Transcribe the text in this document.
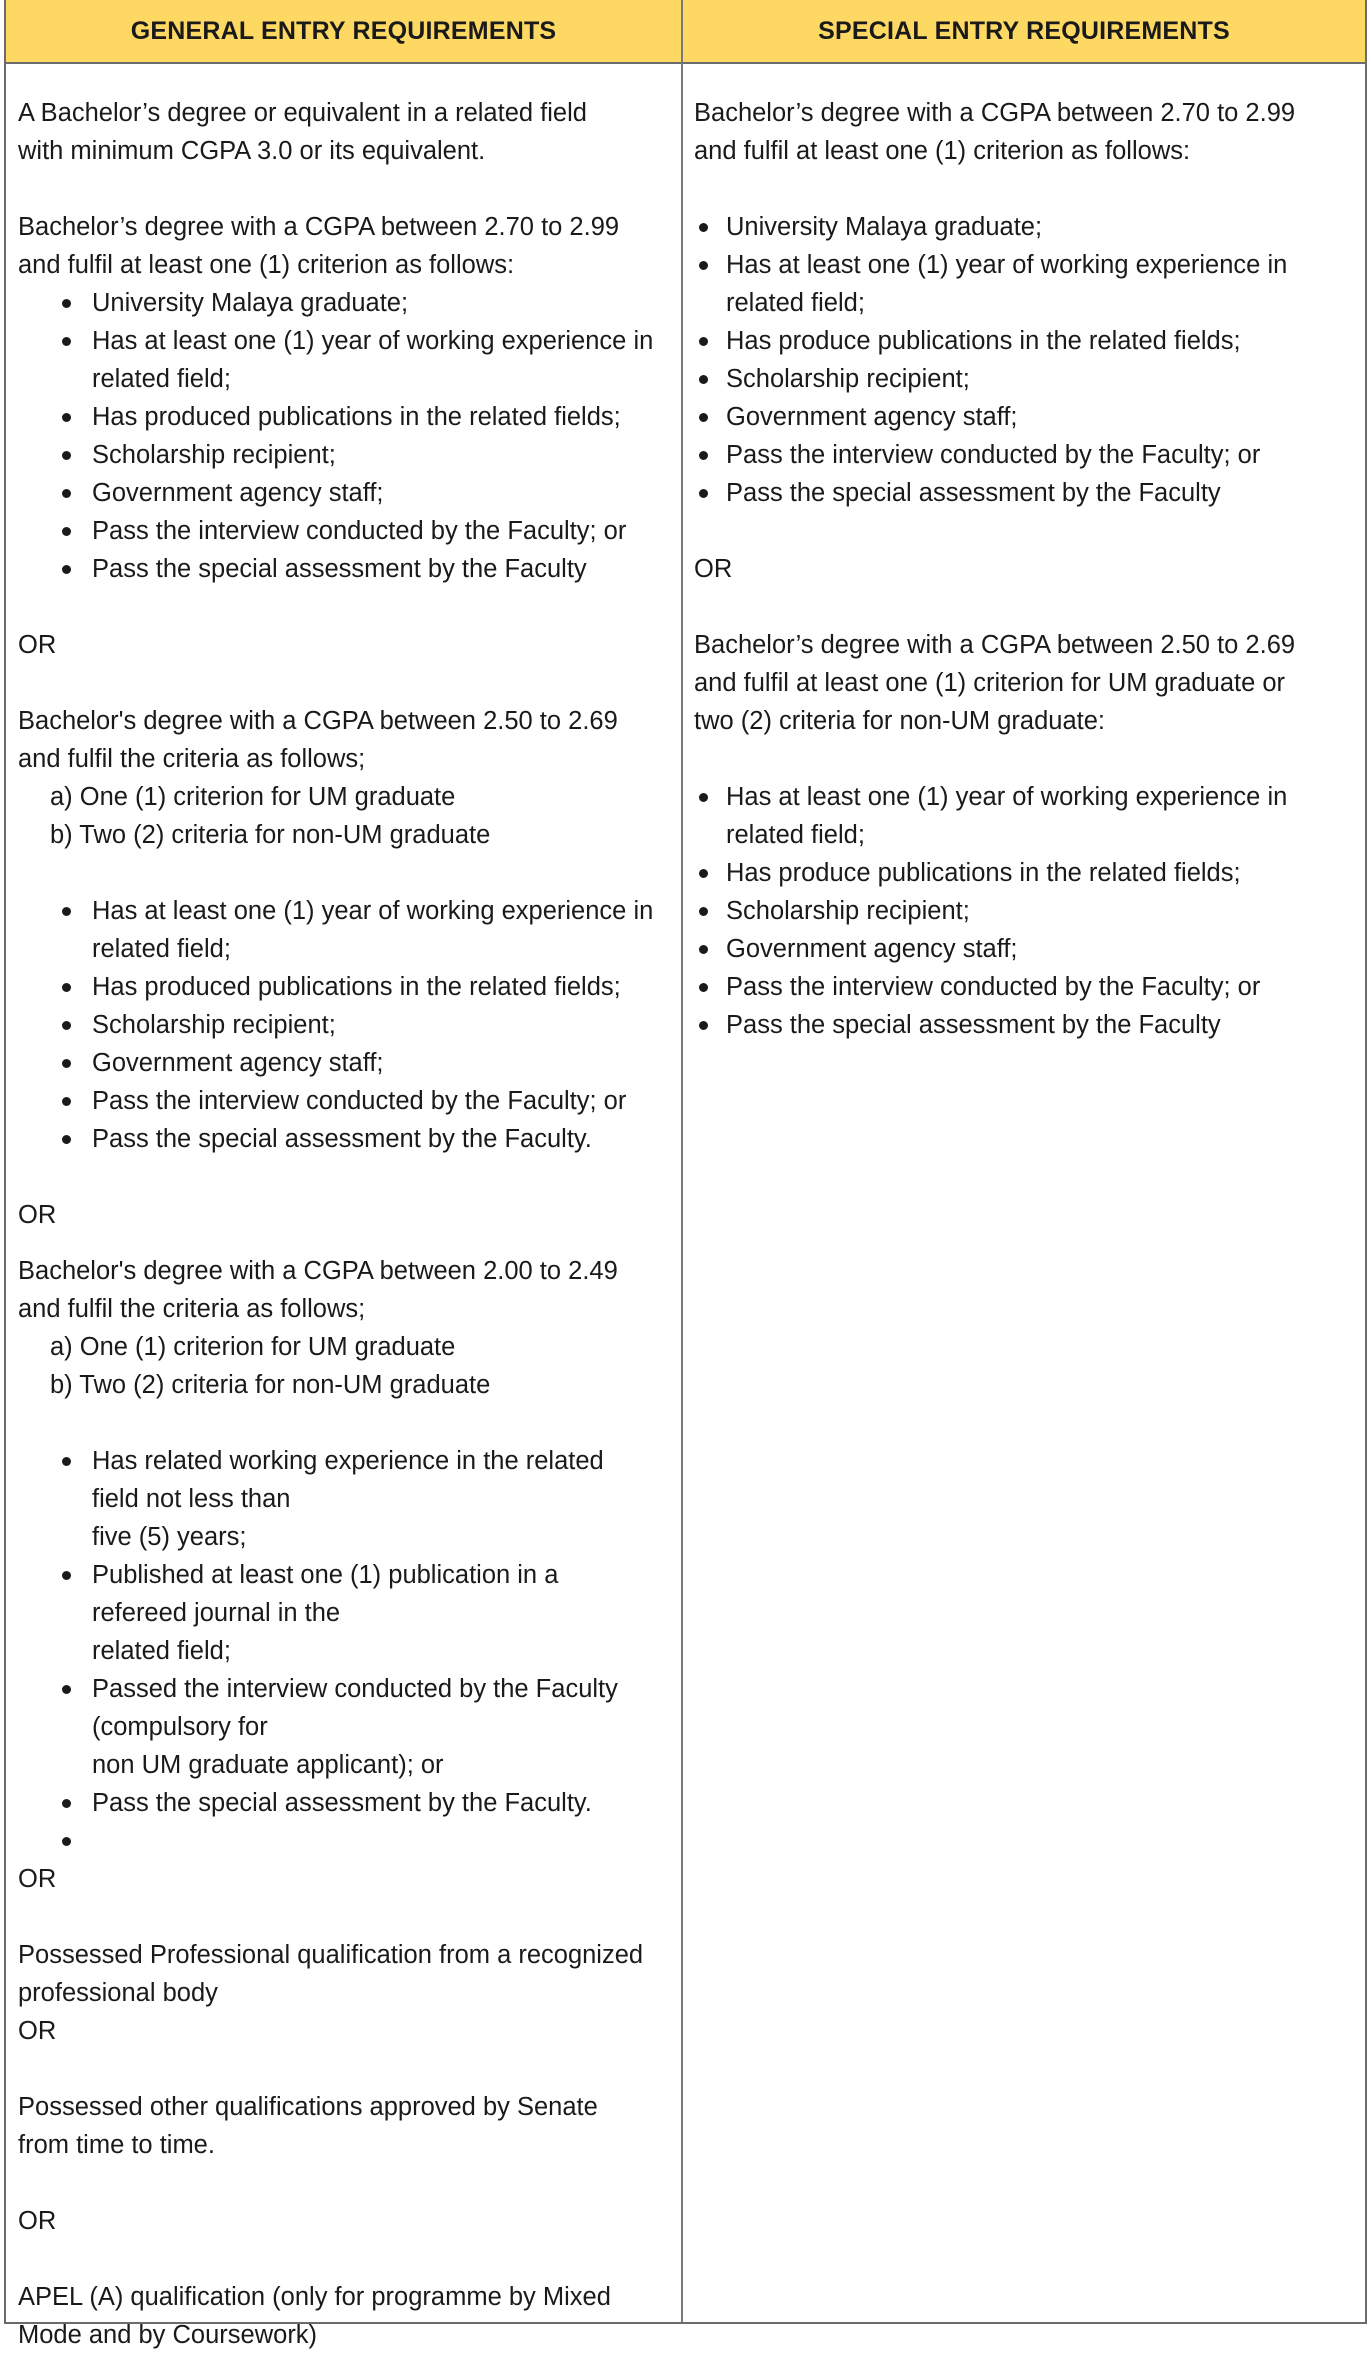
GENERAL ENTRY REQUIREMENTS	SPECIAL ENTRY REQUIREMENTS

A Bachelor’s degree or equivalent in a related field

with minimum CGPA 3.0 or its equivalent.

Bachelor’s degree with a CGPA between 2.70 to 2.99

and fulfil at least one (1) criterion as follows:

University Malaya graduate;
Has at least one (1) year of working experience in related field;
Has produced publications in the related fields;
Scholarship recipient;
Government agency staff;
Pass the interview conducted by the Faculty; or
Pass the special assessment by the Faculty

OR

Bachelor's degree with a CGPA between 2.50 to 2.69

and fulfil the criteria as follows;

a) One (1) criterion for UM graduate

b) Two (2) criteria for non-UM graduate

Has at least one (1) year of working experience in related field;
Has produced publications in the related fields;
Scholarship recipient;
Government agency staff;
Pass the interview conducted by the Faculty; or
Pass the special assessment by the Faculty.

OR

Bachelor's degree with a CGPA between 2.00 to 2.49

and fulfil the criteria as follows;

a) One (1) criterion for UM graduate

b) Two (2) criteria for non-UM graduate

Has related working experience in the related
field not less than
five (5) years;
Published at least one (1) publication in a
refereed journal in the
related field;
Passed the interview conducted by the Faculty
(compulsory for
non UM graduate applicant); or
Pass the special assessment by the Faculty.

OR

Possessed Professional qualification from a recognized

professional body

OR

Possessed other qualifications approved by Senate

from time to time.

OR

APEL (A) qualification (only for programme by Mixed

Mode and by Coursework)

Bachelor’s degree with a CGPA between 2.70 to 2.99

and fulfil at least one (1) criterion as follows:

University Malaya graduate;
Has at least one (1) year of working experience in related field;
Has produce publications in the related fields;
Scholarship recipient;
Government agency staff;
Pass the interview conducted by the Faculty; or
Pass the special assessment by the Faculty

OR

Bachelor’s degree with a CGPA between 2.50 to 2.69

and fulfil at least one (1) criterion for UM graduate or

two (2) criteria for non-UM graduate:

Has at least one (1) year of working experience in related field;
Has produce publications in the related fields;
Scholarship recipient;
Government agency staff;
Pass the interview conducted by the Faculty; or
Pass the special assessment by the Faculty
